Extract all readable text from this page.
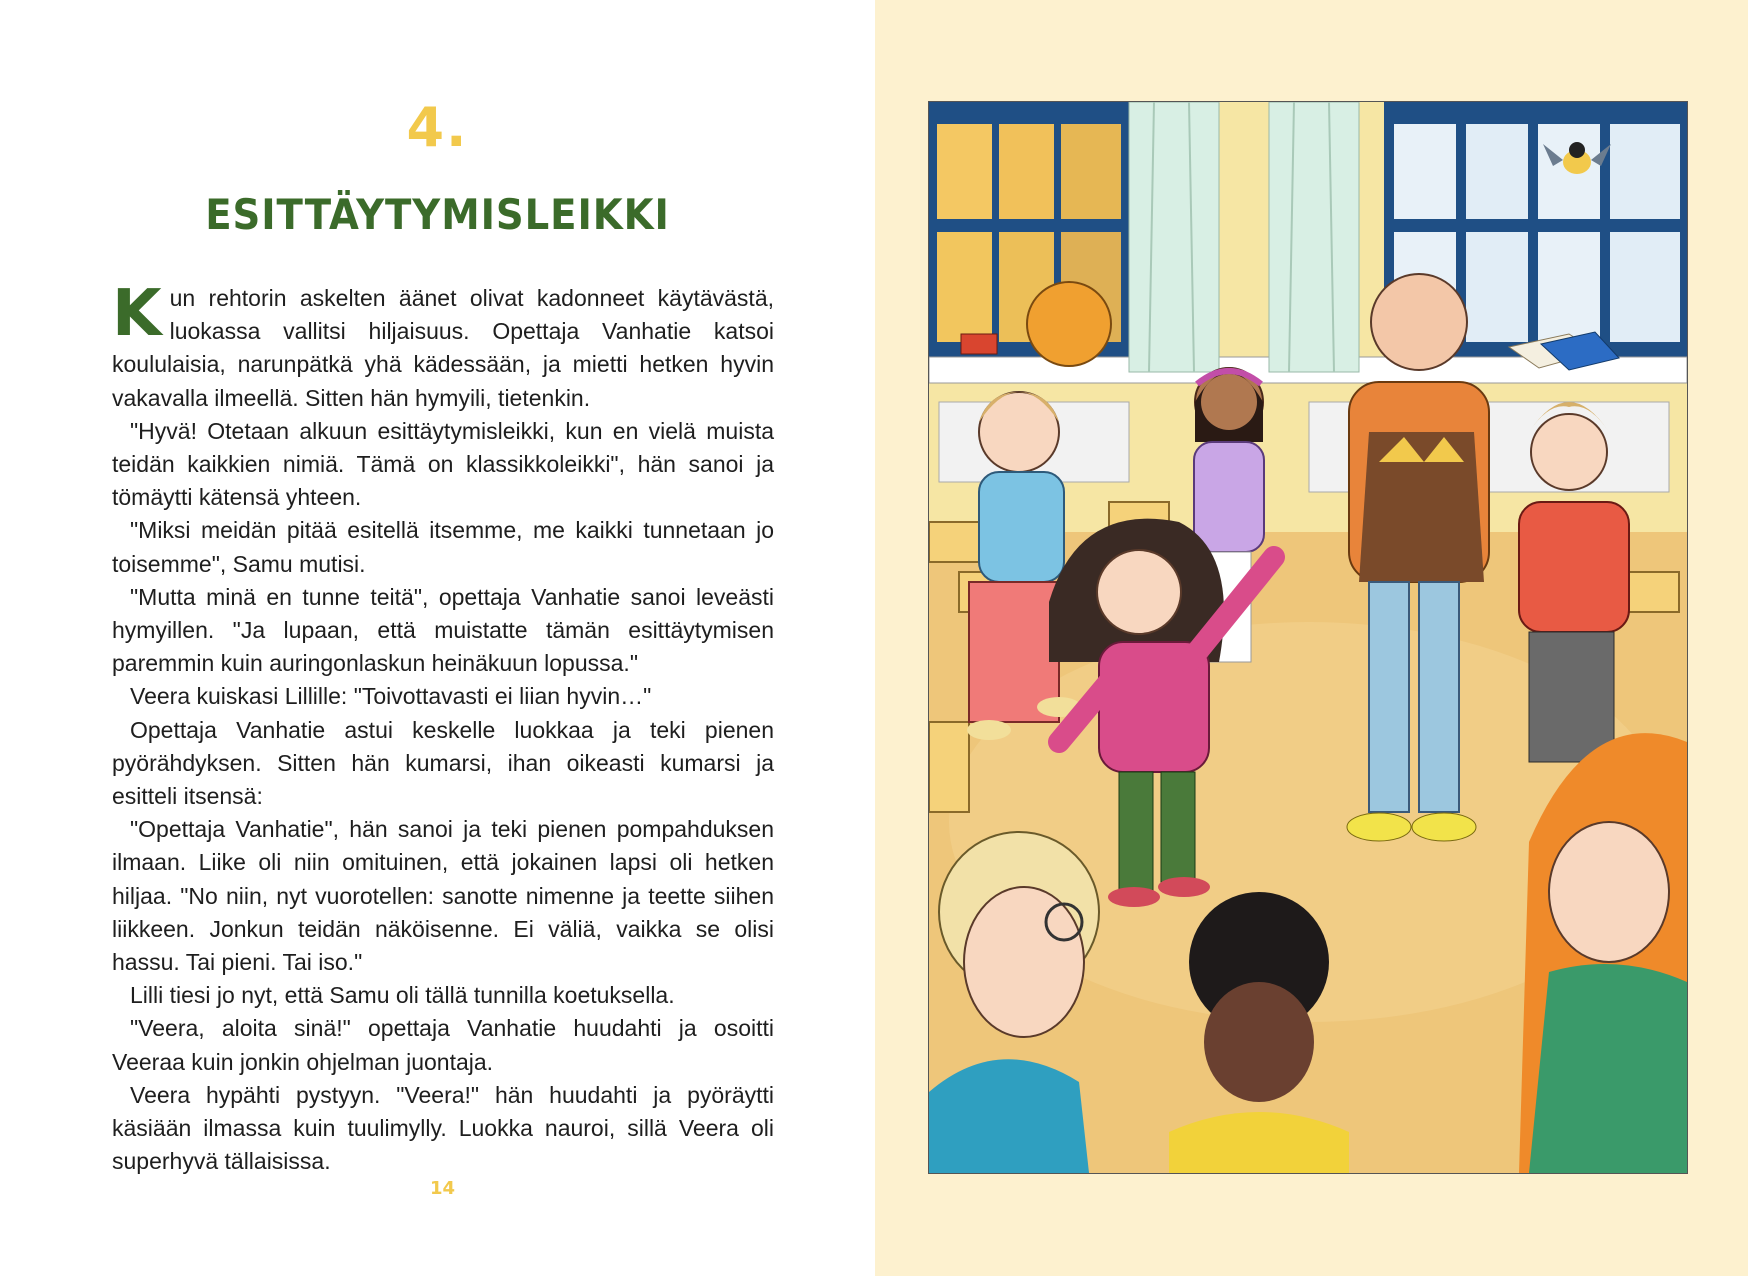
4.
ESITTÄYTYMISLEIKKI

Kun rehtorin askelten äänet olivat kadonneet käytävästä, luokassa vallitsi hiljaisuus. Opettaja Vanhatie katsoi koululaisia, narunpätkä yhä kädessään, ja mietti hetken hyvin vakavalla ilmeellä. Sitten hän hymyili, tietenkin.

"Hyvä! Otetaan alkuun esittäytymisleikki, kun en vielä muista teidän kaikkien nimiä. Tämä on klassikkoleikki", hän sanoi ja tömäytti kätensä yhteen.

"Miksi meidän pitää esitellä itsemme, me kaikki tunnetaan jo toisemme", Samu mutisi.

"Mutta minä en tunne teitä", opettaja Vanhatie sanoi leveästi hymyillen. "Ja lupaan, että muistatte tämän esittäytymisen paremmin kuin auringonlaskun heinäkuun lopussa."

Veera kuiskasi Lillille: "Toivottavasti ei liian hyvin…"

Opettaja Vanhatie astui keskelle luokkaa ja teki pienen pyörähdyksen. Sitten hän kumarsi, ihan oikeasti kumarsi ja esitteli itsensä:

"Opettaja Vanhatie", hän sanoi ja teki pienen pompahduksen ilmaan. Liike oli niin omituinen, että jokainen lapsi oli hetken hiljaa. "No niin, nyt vuorotellen: sanotte nimenne ja teette siihen liikkeen. Jonkun teidän näköisenne. Ei väliä, vaikka se olisi hassu. Tai pieni. Tai iso."

Lilli tiesi jo nyt, että Samu oli tällä tunnilla koetuksella.

"Veera, aloita sinä!" opettaja Vanhatie huudahti ja osoitti Veeraa kuin jonkin ohjelman juontaja.

Veera hypähti pystyyn. "Veera!" hän huudahti ja pyöräytti käsiään ilmassa kuin tuulimylly. Luokka nauroi, sillä Veera oli superhyvä tällaisissa.

14
